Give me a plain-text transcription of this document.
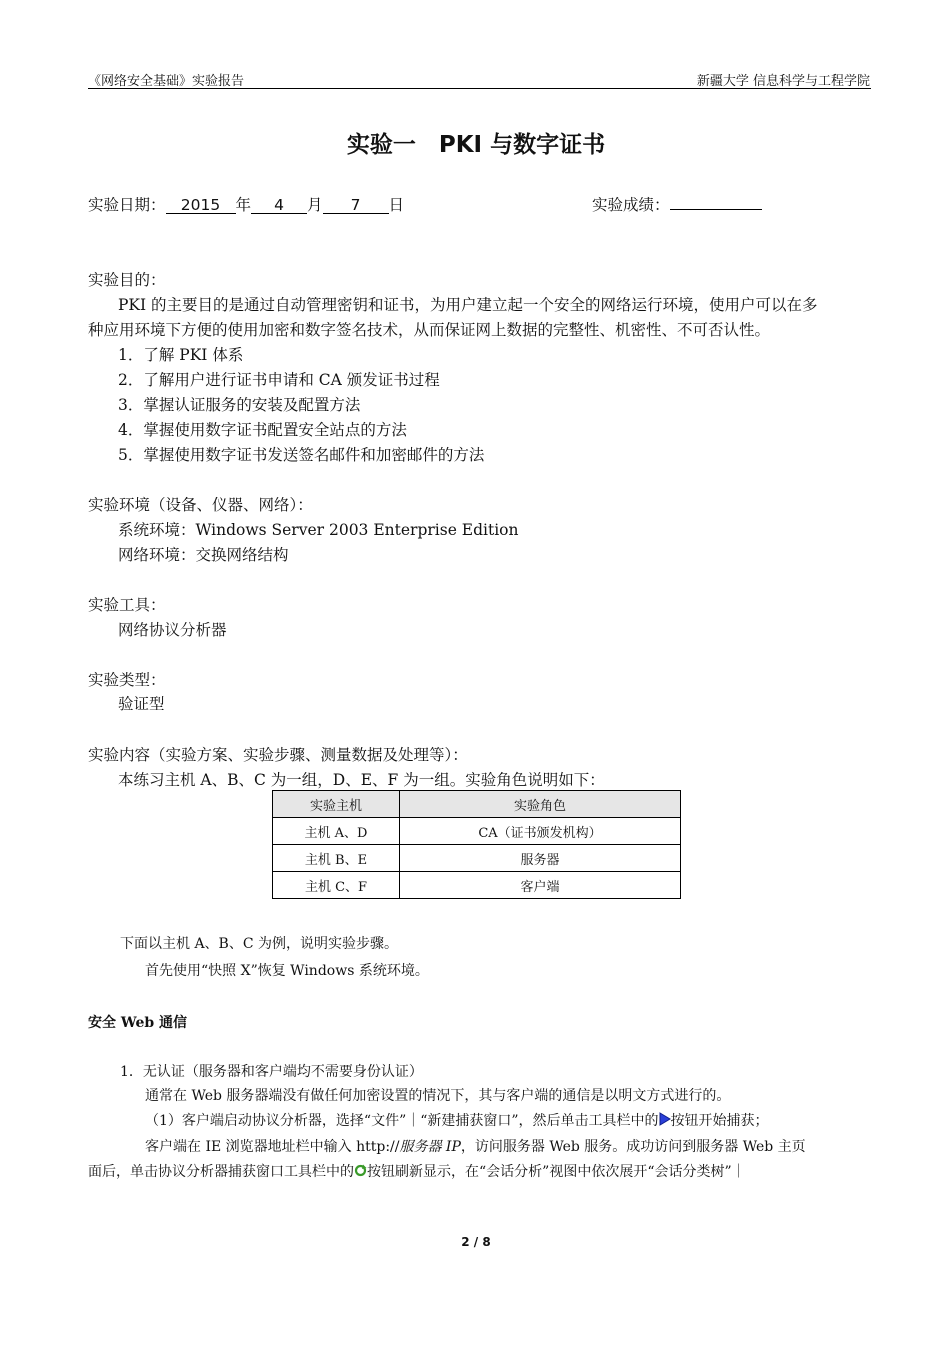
《网络安全基础》实验报告	新疆大学 信息科学与工程学院
实验一　PKI 与数字证书
实验日期： 2015 年 4 月 7 日	实验成绩：
实验目的：
PKI 的主要目的是通过自动管理密钥和证书，为用户建立起一个安全的网络运行环境，使用户可以在多
种应用环境下方便的使用加密和数字签名技术，从而保证网上数据的完整性、机密性、不可否认性。
1．了解 PKI 体系
2．了解用户进行证书申请和 CA 颁发证书过程
3．掌握认证服务的安装及配置方法
4．掌握使用数字证书配置安全站点的方法
5．掌握使用数字证书发送签名邮件和加密邮件的方法
实验环境（设备、仪器、网络）：
系统环境：Windows Server 2003 Enterprise Edition
网络环境：交换网络结构
实验工具：
网络协议分析器
实验类型：
验证型
实验内容（实验方案、实验步骤、测量数据及处理等）：
本练习主机 A、B、C 为一组，D、E、F 为一组。实验角色说明如下：
实验主机	实验角色
主机 A、D	CA（证书颁发机构）
主机 B、E	服务器
主机 C、F	客户端
下面以主机 A、B、C 为例，说明实验步骤。
首先使用“快照 X”恢复 Windows 系统环境。
安全 Web 通信
1．无认证（服务器和客户端均不需要身份认证）
通常在 Web 服务器端没有做任何加密设置的情况下，其与客户端的通信是以明文方式进行的。
（1）客户端启动协议分析器，选择“文件”｜“新建捕获窗口”，然后单击工具栏中的 按钮开始捕获；
客户端在 IE 浏览器地址栏中输入 http://服务器 IP，访问服务器 Web 服务。成功访问到服务器 Web 主页
面后，单击协议分析器捕获窗口工具栏中的 按钮刷新显示，在“会话分析”视图中依次展开“会话分类树”｜
2 / 8
